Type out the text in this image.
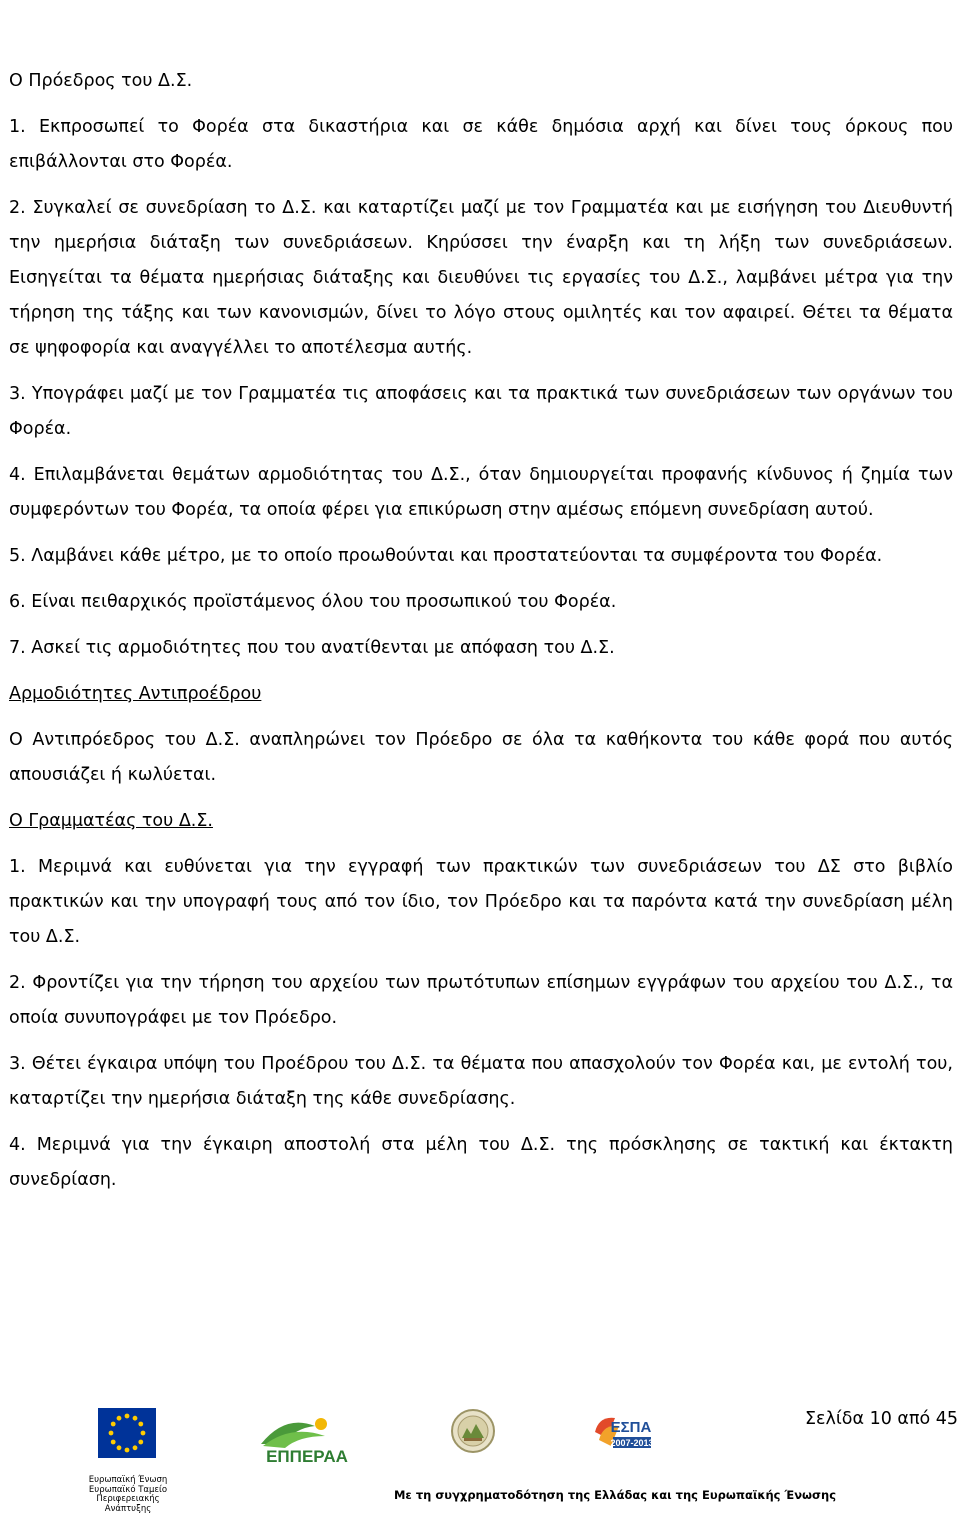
Ο Πρόεδρος του Δ.Σ.

1. Εκπροσωπεί το Φορέα στα δικαστήρια και σε κάθε δημόσια αρχή και δίνει τους όρκους που επιβάλλονται στο Φορέα.

2. Συγκαλεί σε συνεδρίαση το Δ.Σ. και καταρτίζει μαζί με τον Γραμματέα και με εισήγηση του Διευθυντή την ημερήσια διάταξη των συνεδριάσεων. Κηρύσσει την έναρξη και τη λήξη των συνεδριάσεων. Εισηγείται τα θέματα ημερήσιας διάταξης και διευθύνει τις εργασίες του Δ.Σ., λαμβάνει μέτρα για την τήρηση της τάξης και των κανονισμών, δίνει το λόγο στους ομιλητές και τον αφαιρεί. Θέτει τα θέματα σε ψηφοφορία και αναγγέλλει το αποτέλεσμα αυτής.

3. Υπογράφει μαζί με τον Γραμματέα τις αποφάσεις και τα πρακτικά των συνεδριάσεων των οργάνων του Φορέα.

4. Επιλαμβάνεται θεμάτων αρμοδιότητας του Δ.Σ., όταν δημιουργείται προφανής κίνδυνος ή ζημία των συμφερόντων του Φορέα, τα οποία φέρει για επικύρωση στην αμέσως επόμενη συνεδρίαση αυτού.

5. Λαμβάνει κάθε μέτρο, με το οποίο προωθούνται και προστατεύονται τα συμφέροντα του Φορέα.

6. Είναι πειθαρχικός προϊστάμενος όλου του προσωπικού του Φορέα.

7. Ασκεί τις αρμοδιότητες που του ανατίθενται με απόφαση του Δ.Σ.

Αρμοδιότητες Αντιπροέδρου

Ο Αντιπρόεδρος του Δ.Σ. αναπληρώνει τον Πρόεδρο σε όλα τα καθήκοντα του κάθε φορά που αυτός απουσιάζει ή κωλύεται.

Ο Γραμματέας του Δ.Σ.

1. Μεριμνά και ευθύνεται για την εγγραφή των πρακτικών των συνεδριάσεων του ΔΣ στο βιβλίο πρακτικών και την υπογραφή τους από τον ίδιο, τον Πρόεδρο και τα παρόντα κατά την συνεδρίαση μέλη του Δ.Σ.

2. Φροντίζει για την τήρηση του αρχείου των πρωτότυπων επίσημων εγγράφων του αρχείου του Δ.Σ., τα οποία συνυπογράφει με τον Πρόεδρο.

3. Θέτει έγκαιρα υπόψη του Προέδρου του Δ.Σ. τα θέματα που απασχολούν τον Φορέα και, με εντολή του, καταρτίζει την ημερήσια διάταξη της κάθε συνεδρίασης.

4. Μεριμνά για την έγκαιρη αποστολή στα μέλη του Δ.Σ. της πρόσκλησης σε τακτική και έκτακτη συνεδρίαση.

Ευρωπαϊκή Ένωση
Ευρωπαϊκό Ταμείο
Περιφερειακής Ανάπτυξης
ΕΠΠΕΡΑΑ
ΕΣΠΑ
2007-2013
Σελίδα 10 από 45
Με τη συγχρηματοδότηση της Ελλάδας και της Ευρωπαϊκής Ένωσης
